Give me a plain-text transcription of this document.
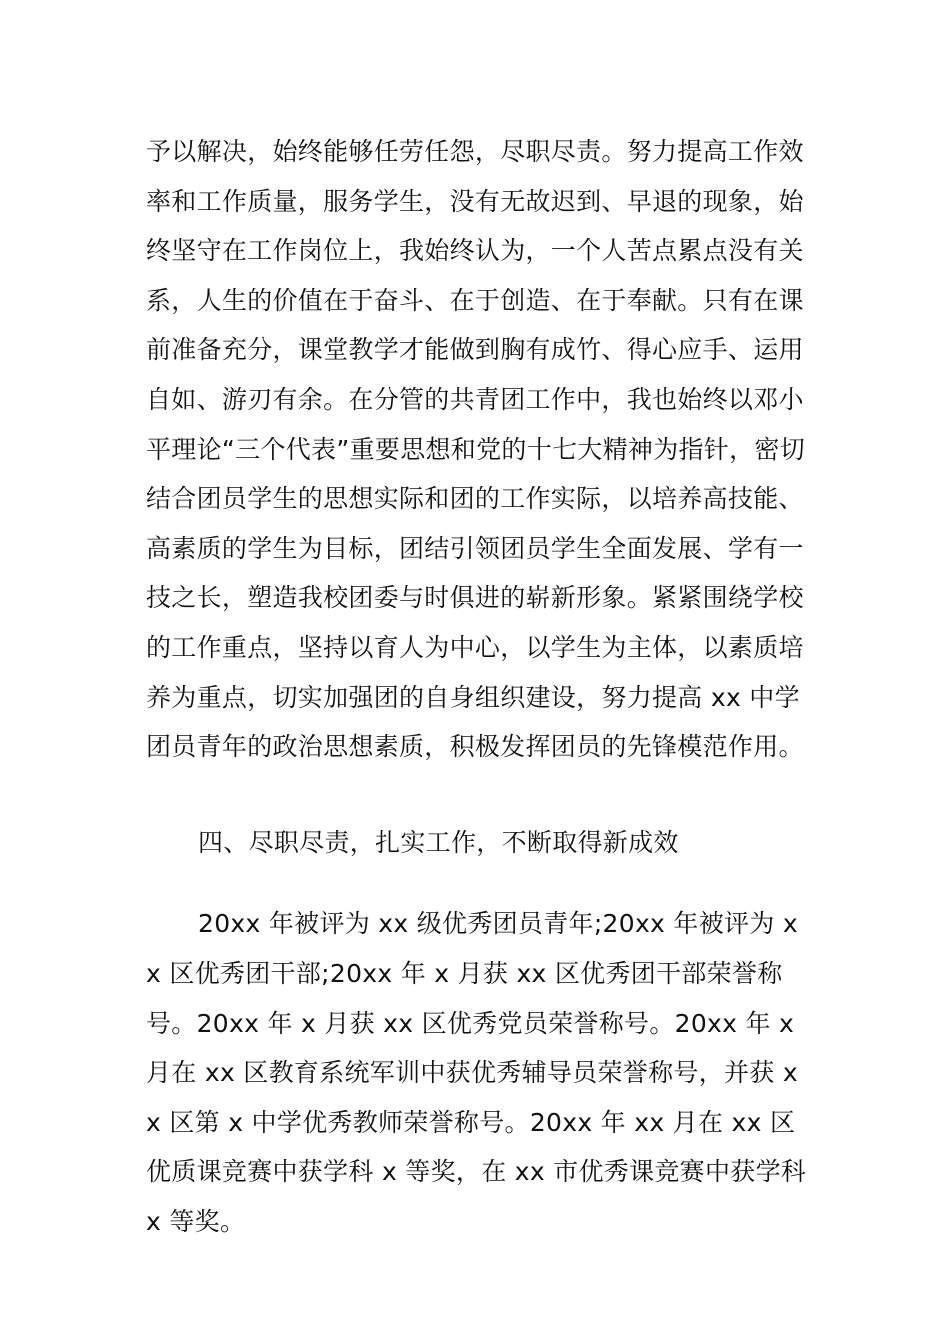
予以解决，始终能够任劳任怨，尽职尽责。努力提高工作效率和工作质量，服务学生，没有无故迟到、早退的现象，始终坚守在工作岗位上，我始终认为，一个人苦点累点没有关系，人生的价值在于奋斗、在于创造、在于奉献。只有在课前准备充分，课堂教学才能做到胸有成竹、得心应手、运用自如、游刃有余。在分管的共青团工作中，我也始终以邓小平理论“三个代表”重要思想和党的十七大精神为指针，密切结合团员学生的思想实际和团的工作实际，以培养高技能、高素质的学生为目标，团结引领团员学生全面发展、学有一技之长，塑造我校团委与时俱进的崭新形象。紧紧围绕学校的工作重点，坚持以育人为中心，以学生为主体，以素质培养为重点，切实加强团的自身组织建设，努力提高 xx 中学团员青年的政治思想素质，积极发挥团员的先锋模范作用。

四、尽职尽责，扎实工作，不断取得新成效

20xx 年被评为 xx 级优秀团员青年;20xx 年被评为 xx 区优秀团干部;20xx 年 x 月获 xx 区优秀团干部荣誉称号。20xx 年 x 月获 xx 区优秀党员荣誉称号。20xx 年 x 月在 xx 区教育系统军训中获优秀辅导员荣誉称号，并获 xx 区第 x 中学优秀教师荣誉称号。20xx 年 xx 月在 xx 区优质课竞赛中获学科 x 等奖，在 xx 市优秀课竞赛中获学科 x 等奖。
